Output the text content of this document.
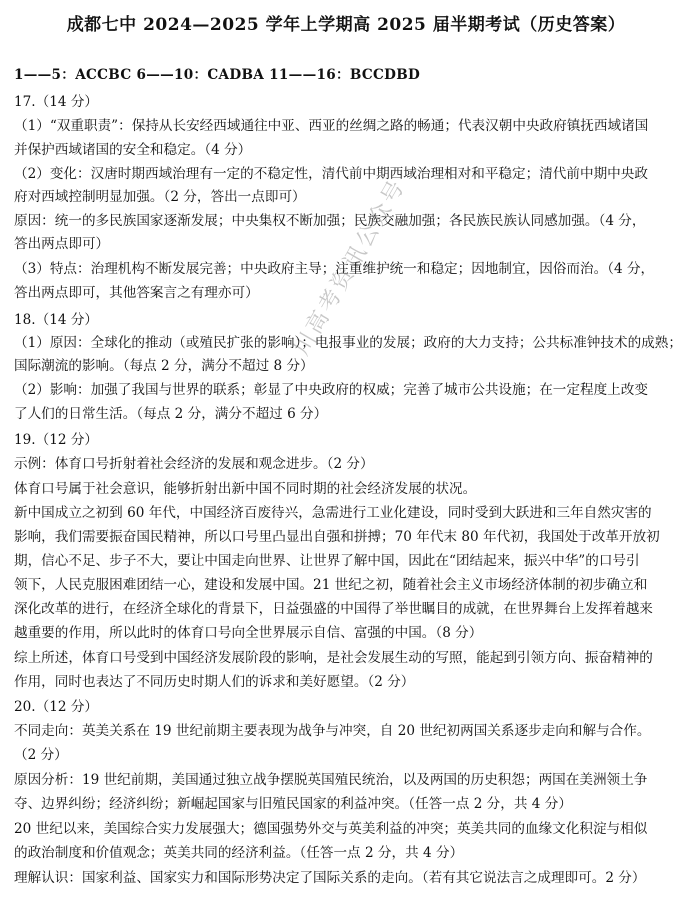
成都七中 2024—2025 学年上学期高 2025 届半期考试（历史答案）
川高考资讯公众号
1——5：ACCBC 6——10：CADBA 11——16：BCCDBD
17.（14 分）
（1）“双重职责”：保持从长安经西域通往中亚、西亚的丝绸之路的畅通；代表汉朝中央政府镇抚西域诸国
并保护西域诸国的安全和稳定。（4 分）
（2）变化：汉唐时期西域治理有一定的不稳定性，清代前中期西域治理相对和平稳定；清代前中期中央政
府对西域控制明显加强。（2 分，答出一点即可）
原因：统一的多民族国家逐渐发展；中央集权不断加强；民族交融加强；各民族民族认同感加强。（4 分，
答出两点即可）
（3）特点：治理机构不断发展完善；中央政府主导；注重维护统一和稳定；因地制宜，因俗而治。（4 分，
答出两点即可，其他答案言之有理亦可）
18.（14 分）
（1）原因：全球化的推动（或殖民扩张的影响）；电报事业的发展；政府的大力支持；公共标准钟技术的成熟；
国际潮流的影响。（每点 2 分，满分不超过 8 分）
（2）影响：加强了我国与世界的联系；彰显了中央政府的权威；完善了城市公共设施；在一定程度上改变
了人们的日常生活。（每点 2 分，满分不超过 6 分）
19.（12 分）
示例：体育口号折射着社会经济的发展和观念进步。（2 分）
体育口号属于社会意识，能够折射出新中国不同时期的社会经济发展的状况。
新中国成立之初到 60 年代，中国经济百废待兴，急需进行工业化建设，同时受到大跃进和三年自然灾害的
影响，我们需要振奋国民精神，所以口号里凸显出自强和拼搏；70 年代末 80 年代初，我国处于改革开放初
期，信心不足、步子不大，要让中国走向世界、让世界了解中国，因此在“团结起来，振兴中华”的口号引
领下，人民克服困难团结一心，建设和发展中国。21 世纪之初，随着社会主义市场经济体制的初步确立和
深化改革的进行，在经济全球化的背景下，日益强盛的中国得了举世瞩目的成就，在世界舞台上发挥着越来
越重要的作用，所以此时的体育口号向全世界展示自信、富强的中国。（8 分）
综上所述，体育口号受到中国经济发展阶段的影响，是社会发展生动的写照，能起到引领方向、振奋精神的
作用，同时也表达了不同历史时期人们的诉求和美好愿望。（2 分）
20.（12 分）
不同走向：英美关系在 19 世纪前期主要表现为战争与冲突，自 20 世纪初两国关系逐步走向和解与合作。
（2 分）
原因分析：19 世纪前期，美国通过独立战争摆脱英国殖民统治，以及两国的历史积怨；两国在美洲领土争
夺、边界纠纷；经济纠纷；新崛起国家与旧殖民国家的利益冲突。（任答一点 2 分，共 4 分）
20 世纪以来，美国综合实力发展强大；德国强势外交与英美利益的冲突；英美共同的血缘文化积淀与相似
的政治制度和价值观念；英美共同的经济利益。（任答一点 2 分，共 4 分）
理解认识：国家利益、国家实力和国际形势决定了国际关系的走向。（若有其它说法言之成理即可。2 分）
